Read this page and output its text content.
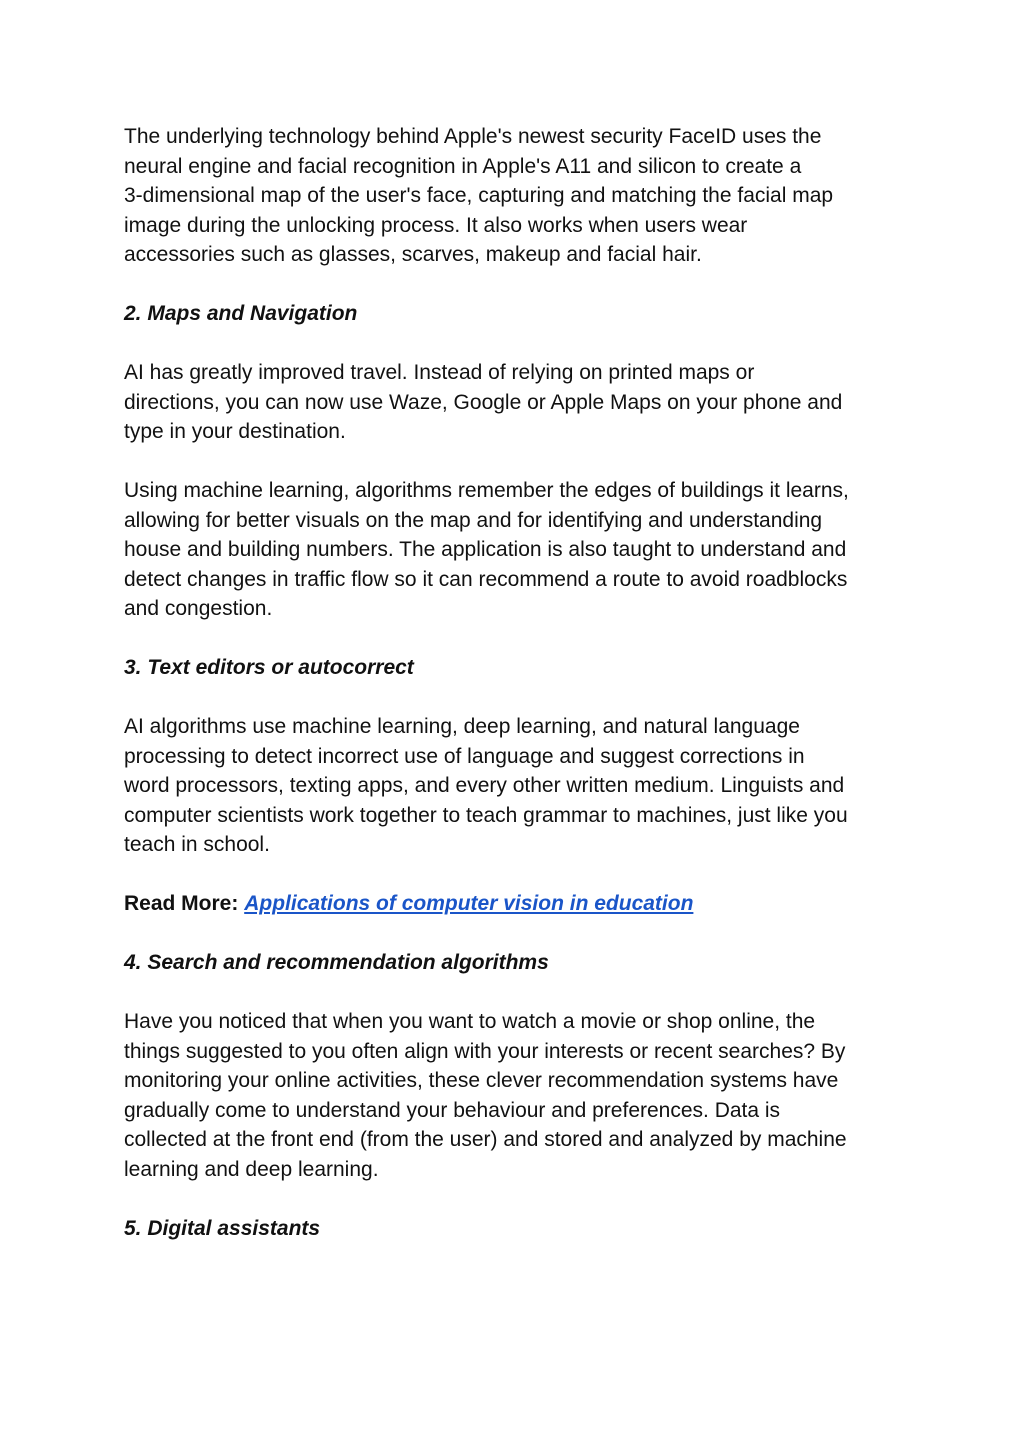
The underlying technology behind Apple's newest security FaceID uses the
neural engine and facial recognition in Apple's A11 and silicon to create a
3-dimensional map of the user's face, capturing and matching the facial map
image during the unlocking process. It also works when users wear
accessories such as glasses, scarves, makeup and facial hair.

2. Maps and Navigation

AI has greatly improved travel. Instead of relying on printed maps or
directions, you can now use Waze, Google or Apple Maps on your phone and
type in your destination.

Using machine learning, algorithms remember the edges of buildings it learns,
allowing for better visuals on the map and for identifying and understanding
house and building numbers. The application is also taught to understand and
detect changes in traffic flow so it can recommend a route to avoid roadblocks
and congestion.

3. Text editors or autocorrect

AI algorithms use machine learning, deep learning, and natural language
processing to detect incorrect use of language and suggest corrections in
word processors, texting apps, and every other written medium. Linguists and
computer scientists work together to teach grammar to machines, just like you
teach in school.

Read More: Applications of computer vision in education

4. Search and recommendation algorithms

Have you noticed that when you want to watch a movie or shop online, the
things suggested to you often align with your interests or recent searches? By
monitoring your online activities, these clever recommendation systems have
gradually come to understand your behaviour and preferences. Data is
collected at the front end (from the user) and stored and analyzed by machine
learning and deep learning.

5. Digital assistants
